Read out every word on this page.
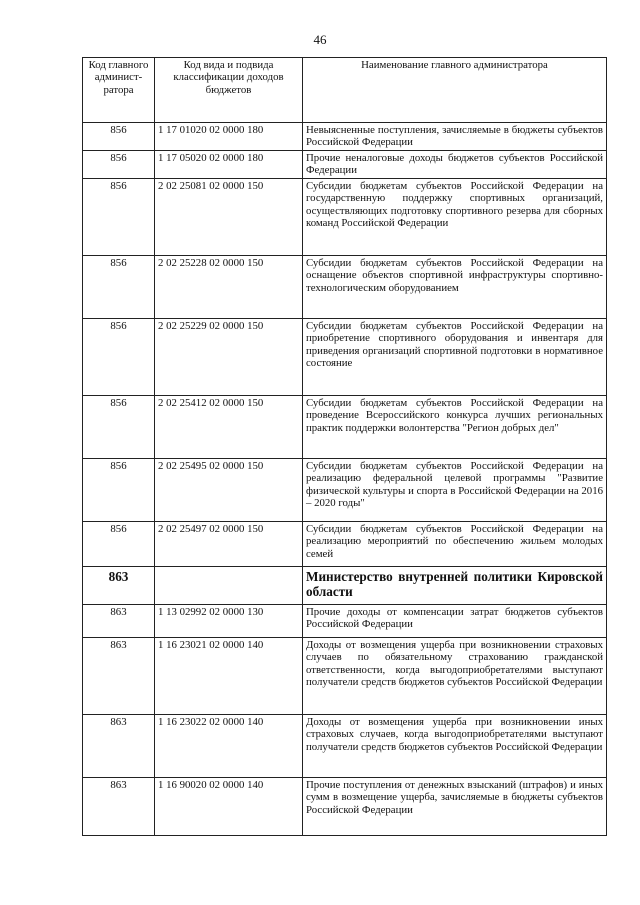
46
Код главного админист-ратора	Код вида и подвида классификации доходов бюджетов	Наименование главного администратора
856	1 17 01020 02 0000 180	Невыясненные поступления, зачисляемые в бюджеты субъектов Российской Федерации
856	1 17 05020 02 0000 180	Прочие неналоговые доходы бюджетов субъектов Российской Федерации
856	2 02 25081 02 0000 150	Субсидии бюджетам субъектов Российской Федерации на государственную поддержку спортивных организаций, осуществляющих подготовку спортивного резерва для сборных команд Российской Федерации
856	2 02 25228 02 0000 150	Субсидии бюджетам субъектов Российской Федерации на оснащение объектов спортивной инфраструктуры спортивно-технологическим оборудованием
856	2 02 25229 02 0000 150	Субсидии бюджетам субъектов Российской Федерации на приобретение спортивного оборудования и инвентаря для приведения организаций спортивной подготовки в нормативное состояние
856	2 02 25412 02 0000 150	Субсидии бюджетам субъектов Российской Федерации на проведение Всероссийского конкурса лучших региональных практик поддержки волонтерства "Регион добрых дел"
856	2 02 25495 02 0000 150	Субсидии бюджетам субъектов Российской Федерации на реализацию федеральной целевой программы "Развитие физической культуры и спорта в Российской Федерации на 2016 – 2020 годы"
856	2 02 25497 02 0000 150	Субсидии бюджетам субъектов Российской Федерации на реализацию мероприятий по обеспечению жильем молодых семей
863		Министерство внутренней политики Кировской области
863	1 13 02992 02 0000 130	Прочие доходы от компенсации затрат бюджетов субъектов Российской Федерации
863	1 16 23021 02 0000 140	Доходы от возмещения ущерба при возникновении страховых случаев по обязательному страхованию гражданской ответственности, когда выгодоприобретателями выступают получатели средств бюджетов субъектов Российской Федерации
863	1 16 23022 02 0000 140	Доходы от возмещения ущерба при возникновении иных страховых случаев, когда выгодоприобретателями выступают получатели средств бюджетов субъектов Российской Федерации
863	1 16 90020 02 0000 140	Прочие поступления от денежных взысканий (штрафов) и иных сумм в возмещение ущерба, зачисляемые в бюджеты субъектов Российской Федерации
